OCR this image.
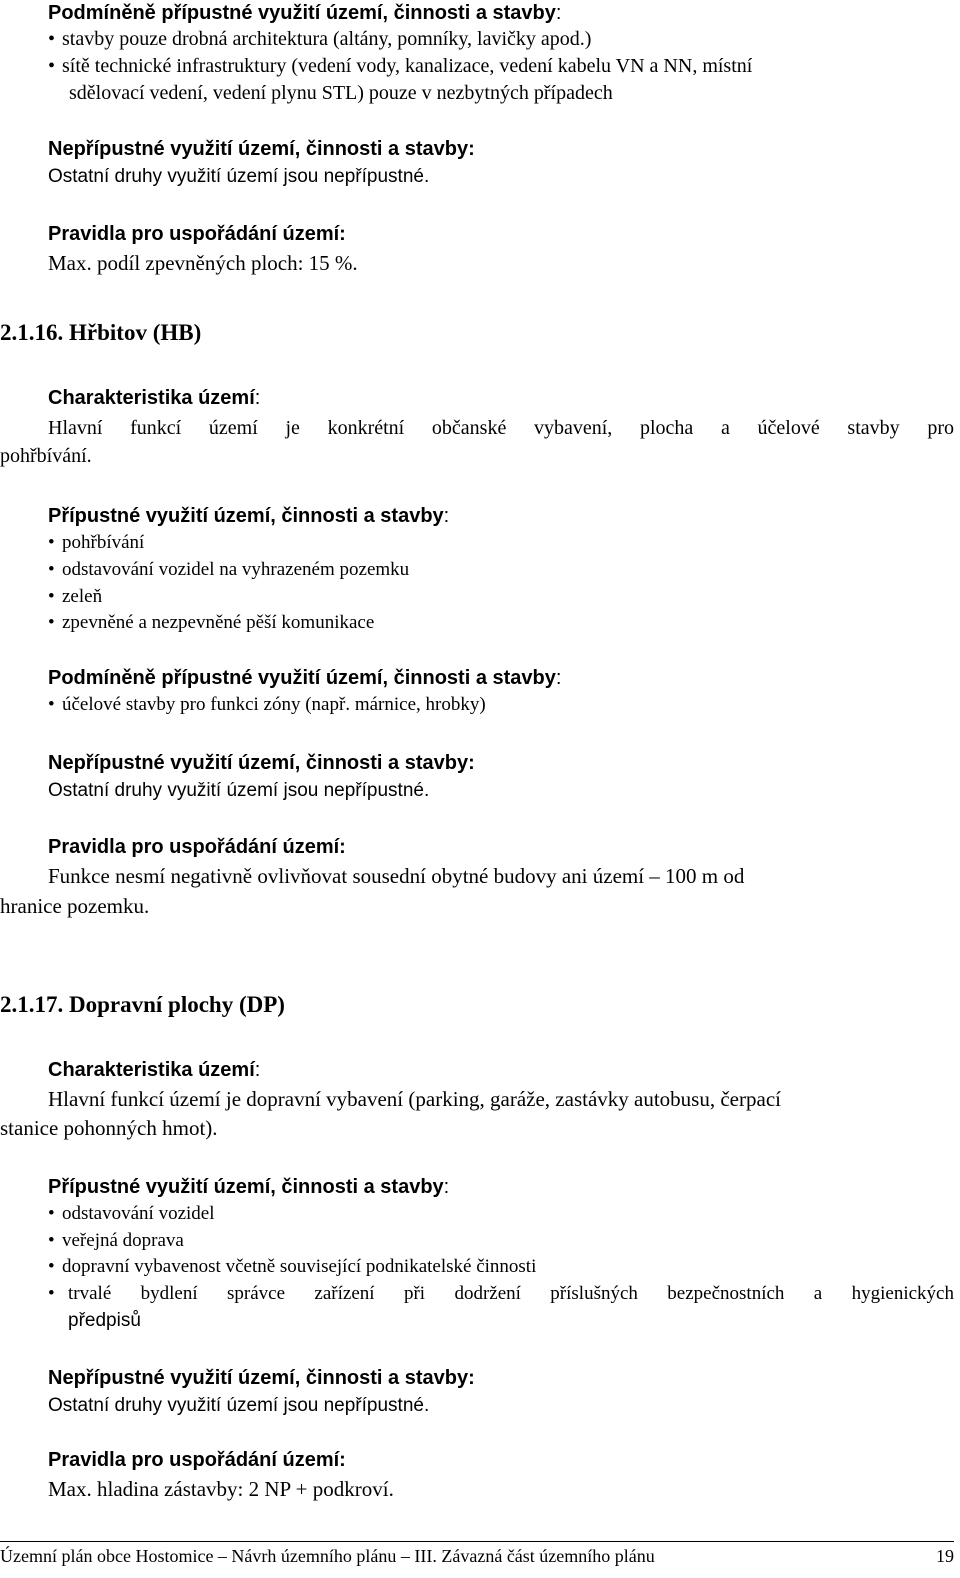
Podmíněně přípustné využití území, činnosti a stavby:
• stavby pouze drobná architektura (altány, pomníky, lavičky apod.)
• sítě technické infrastruktury (vedení vody, kanalizace, vedení kabelu VN a NN, místní
sdělovací vedení, vedení plynu STL) pouze v nezbytných případech
Nepřípustné využití území, činnosti a stavby:
Ostatní druhy využití území jsou nepřípustné.
Pravidla pro uspořádání území:
Max. podíl zpevněných ploch: 15 %.
2.1.16. Hřbitov (HB)
Charakteristika území:
Hlavní funkcí území je konkrétní občanské vybavení, plocha a účelové stavby pro
pohřbívání.
Přípustné využití území, činnosti a stavby:
• pohřbívání
• odstavování vozidel na vyhrazeném pozemku
• zeleň
• zpevněné a nezpevněné pěší komunikace
Podmíněně přípustné využití území, činnosti a stavby:
• účelové stavby pro funkci zóny (např. márnice, hrobky)
Nepřípustné využití území, činnosti a stavby:
Ostatní druhy využití území jsou nepřípustné.
Pravidla pro uspořádání území:
Funkce nesmí negativně ovlivňovat sousední obytné budovy ani území – 100 m od
hranice pozemku.
2.1.17. Dopravní plochy (DP)
Charakteristika území:
Hlavní funkcí území je dopravní vybavení (parking, garáže, zastávky autobusu, čerpací
stanice pohonných hmot).
Přípustné využití území, činnosti a stavby:
• odstavování vozidel
• veřejná doprava
• dopravní vybavenost včetně související podnikatelské činnosti
• trvalé bydlení správce zařízení při dodržení příslušných bezpečnostních a hygienických
předpisů
Nepřípustné využití území, činnosti a stavby:
Ostatní druhy využití území jsou nepřípustné.
Pravidla pro uspořádání území:
Max. hladina zástavby: 2 NP + podkroví.
Územní plán obce Hostomice – Návrh územního plánu – III. Závazná část územního plánu	19
